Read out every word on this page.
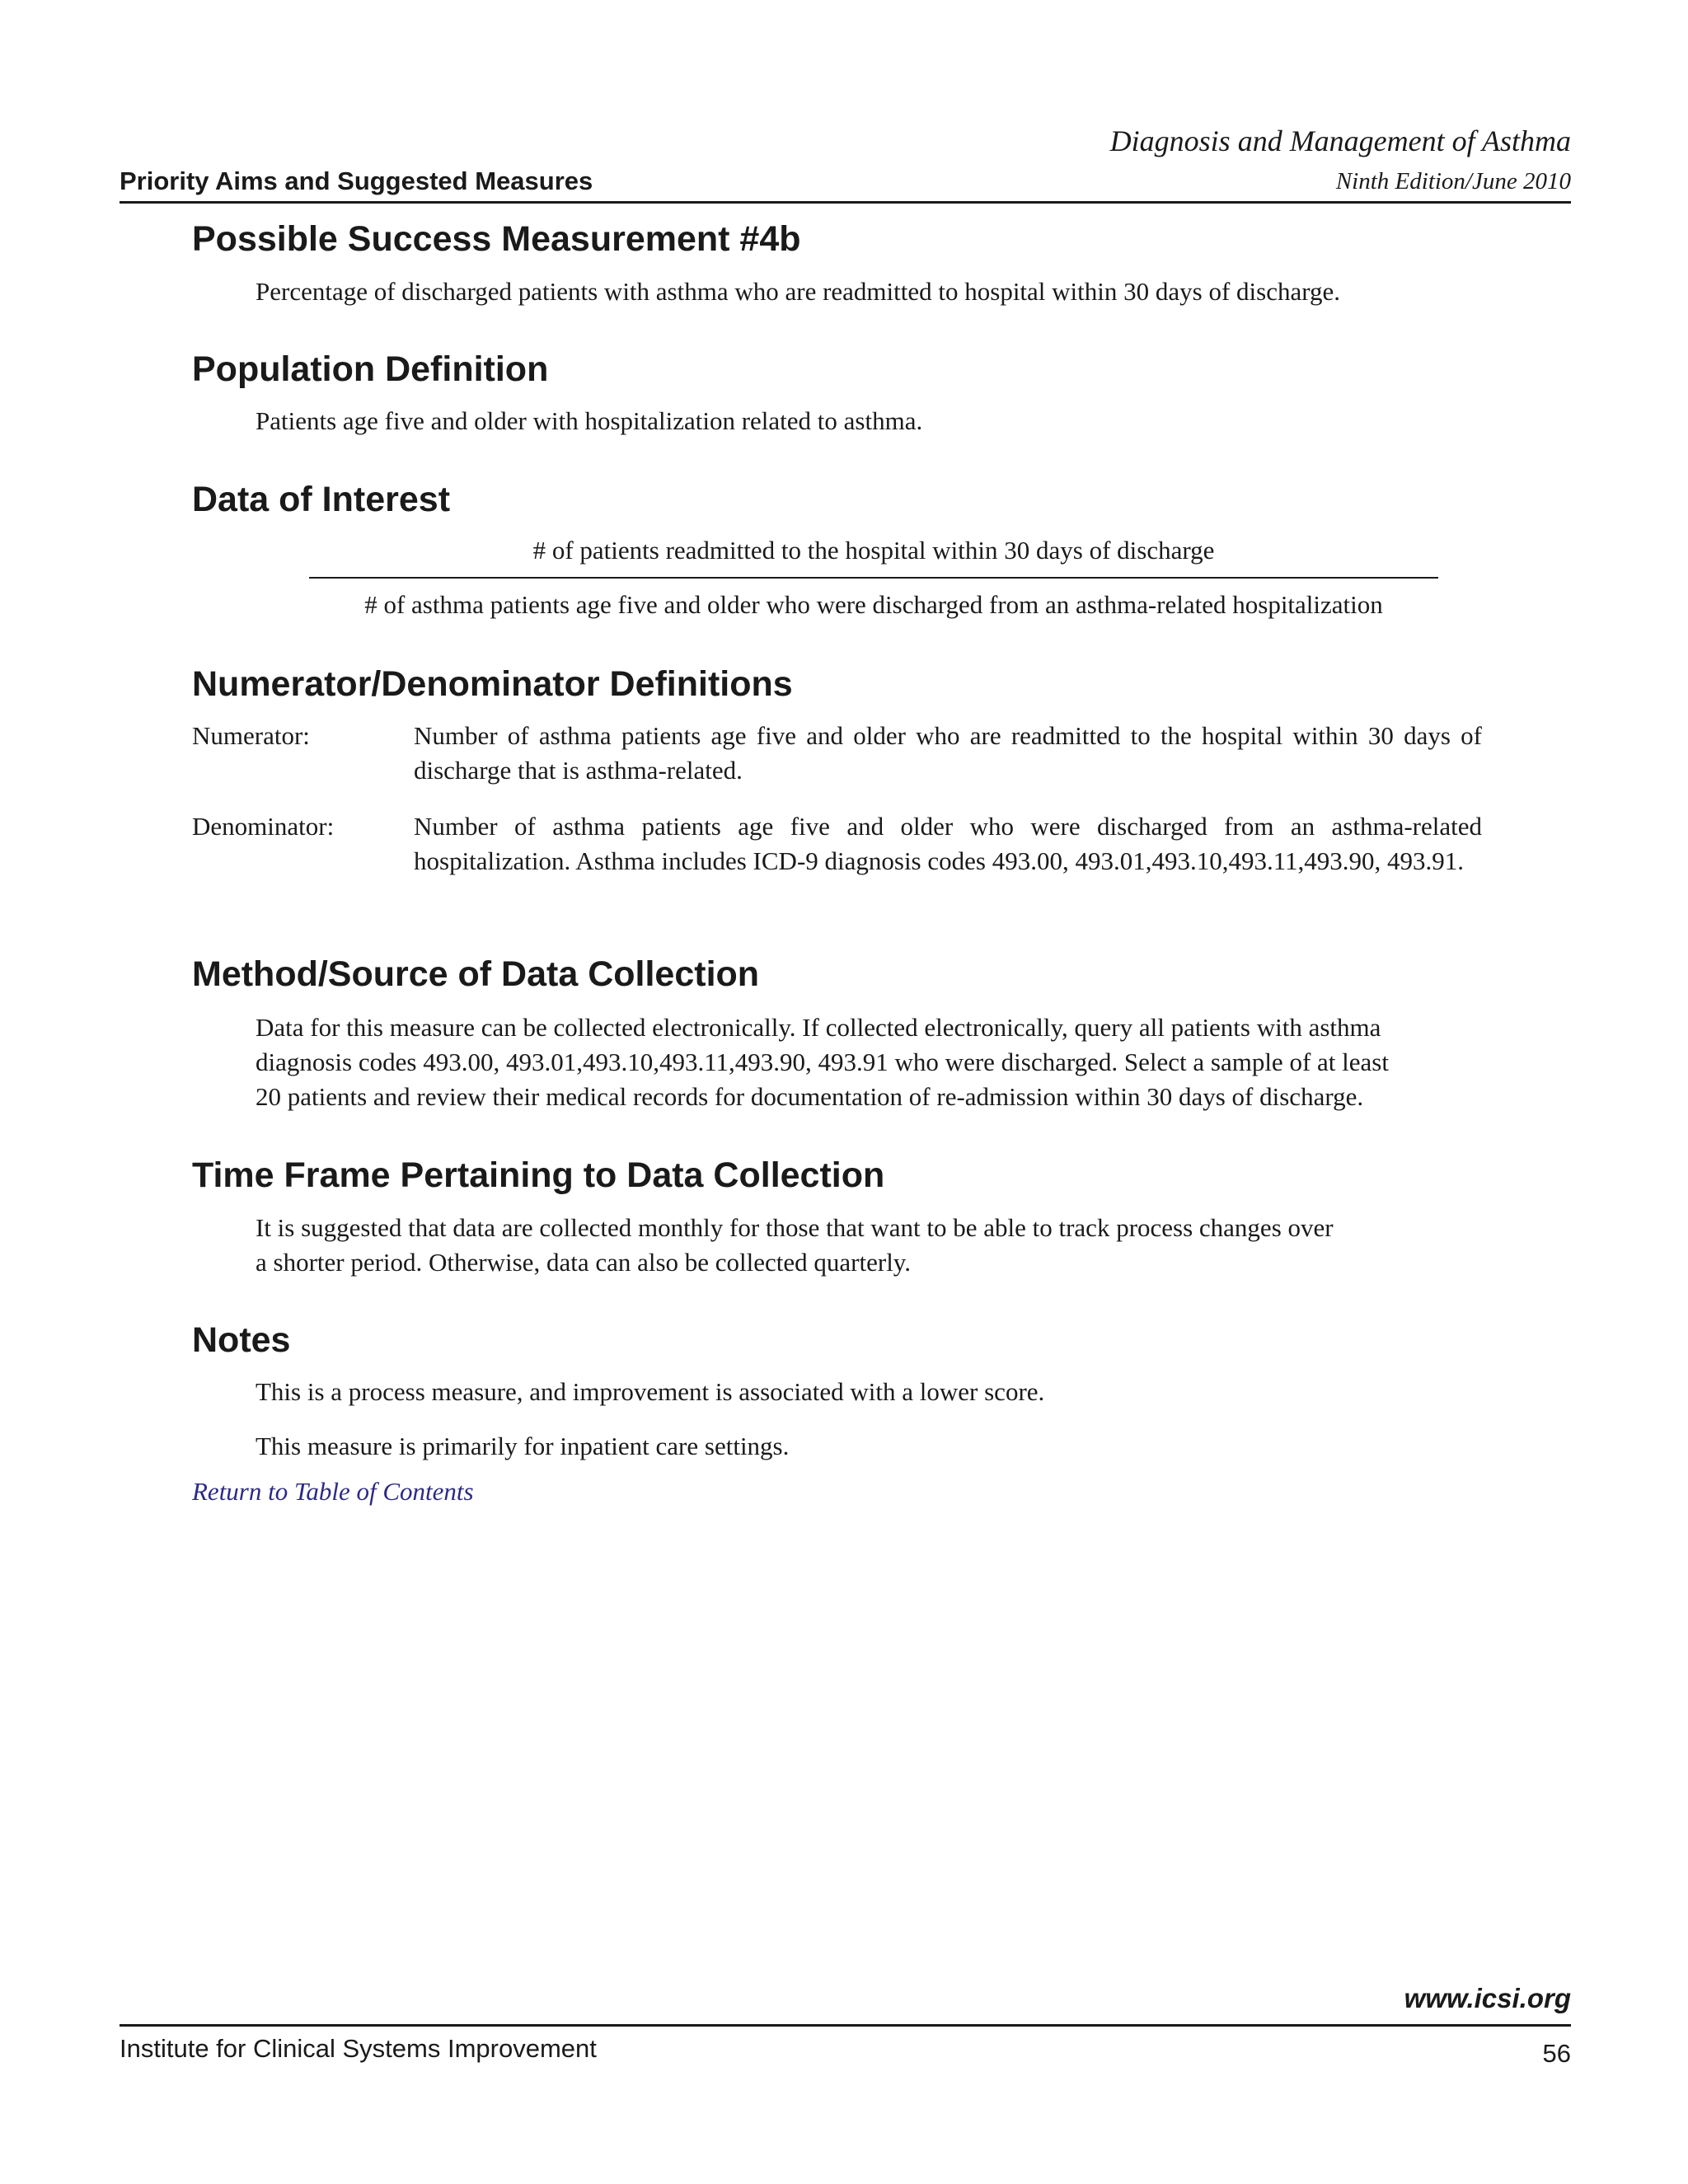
Diagnosis and Management of Asthma
Priority Aims and Suggested Measures	Ninth Edition/June 2010
Possible Success Measurement #4b
Percentage of discharged patients with asthma who are readmitted to hospital within 30 days of discharge.
Population Definition
Patients age five and older with hospitalization related to asthma.
Data of Interest
# of patients readmitted to the hospital within 30 days of discharge
# of asthma patients age five and older who were discharged from an asthma-related hospitalization
Numerator/Denominator Definitions
Numerator:	Number of asthma patients age five and older who are readmitted to the hospital within 30 days of discharge that is asthma-related.
Denominator:	Number of asthma patients age five and older who were discharged from an asthma-related hospitalization. Asthma includes ICD-9 diagnosis codes 493.00, 493.01,493.10,493.11,493.90, 493.91.
Method/Source of Data Collection
Data for this measure can be collected electronically. If collected electronically, query all patients with asthma
diagnosis codes 493.00, 493.01,493.10,493.11,493.90, 493.91 who were discharged. Select a sample of at least
20 patients and review their medical records for documentation of re-admission within 30 days of discharge.
Time Frame Pertaining to Data Collection
It is suggested that data are collected monthly for those that want to be able to track process changes over
a shorter period. Otherwise, data can also be collected quarterly.
Notes
This is a process measure, and improvement is associated with a lower score.
This measure is primarily for inpatient care settings.
Return to Table of Contents
www.icsi.org
Institute for Clinical Systems Improvement	56
